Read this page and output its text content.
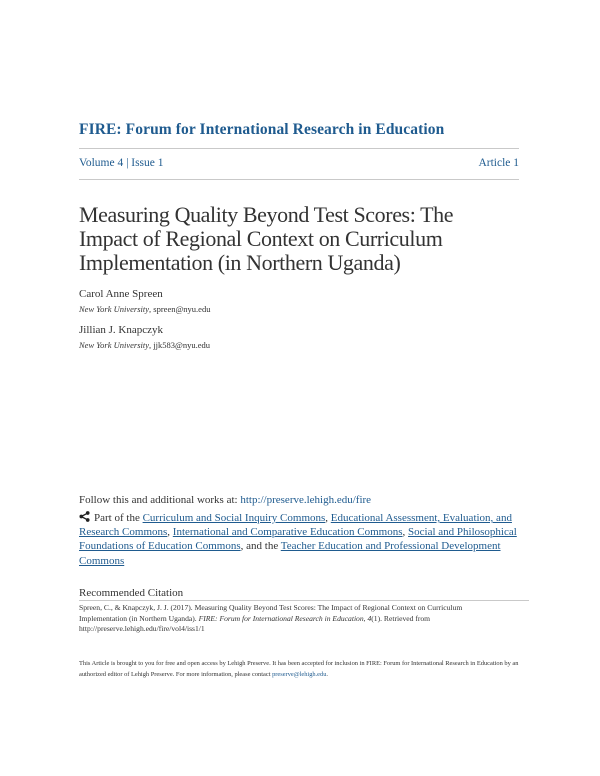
FIRE: Forum for International Research in Education
Volume 4 | Issue 1	Article 1
Measuring Quality Beyond Test Scores: The
Impact of Regional Context on Curriculum
Implementation (in Northern Uganda)
Carol Anne Spreen
New York University, spreen@nyu.edu
Jillian J. Knapczyk
New York University, jjk583@nyu.edu
Follow this and additional works at: http://preserve.lehigh.edu/fire
Part of the Curriculum and Social Inquiry Commons, Educational Assessment, Evaluation, and Research Commons, International and Comparative Education Commons, Social and Philosophical Foundations of Education Commons, and the Teacher Education and Professional Development Commons
Recommended Citation
Spreen, C., & Knapczyk, J. J. (2017). Measuring Quality Beyond Test Scores: The Impact of Regional Context on Curriculum
Implementation (in Northern Uganda). FIRE: Forum for International Research in Education, 4(1). Retrieved from
http://preserve.lehigh.edu/fire/vol4/iss1/1
This Article is brought to you for free and open access by Lehigh Preserve. It has been accepted for inclusion in FIRE: Forum for International Research in Education by an authorized editor of Lehigh Preserve. For more information, please contact preserve@lehigh.edu.
